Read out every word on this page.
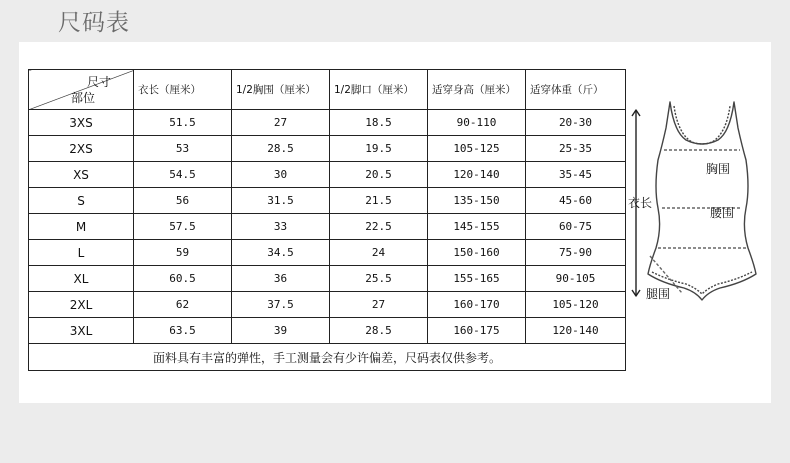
尺码表
尺寸
部位	衣长（厘米）	1/2胸围（厘米）	1/2脚口（厘米）	适穿身高（厘米）	适穿体重（斤）
3XS	51.5	27	18.5	90-110	20-30
2XS	53	28.5	19.5	105-125	25-35
XS	54.5	30	20.5	120-140	35-45
S	56	31.5	21.5	135-150	45-60
M	57.5	33	22.5	145-155	60-75
L	59	34.5	24	150-160	75-90
XL	60.5	36	25.5	155-165	90-105
2XL	62	37.5	27	160-170	105-120
3XL	63.5	39	28.5	160-175	120-140
面料具有丰富的弹性，手工测量会有少许偏差，尺码表仅供参考。					
衣长
胸围
腰围
腿围
